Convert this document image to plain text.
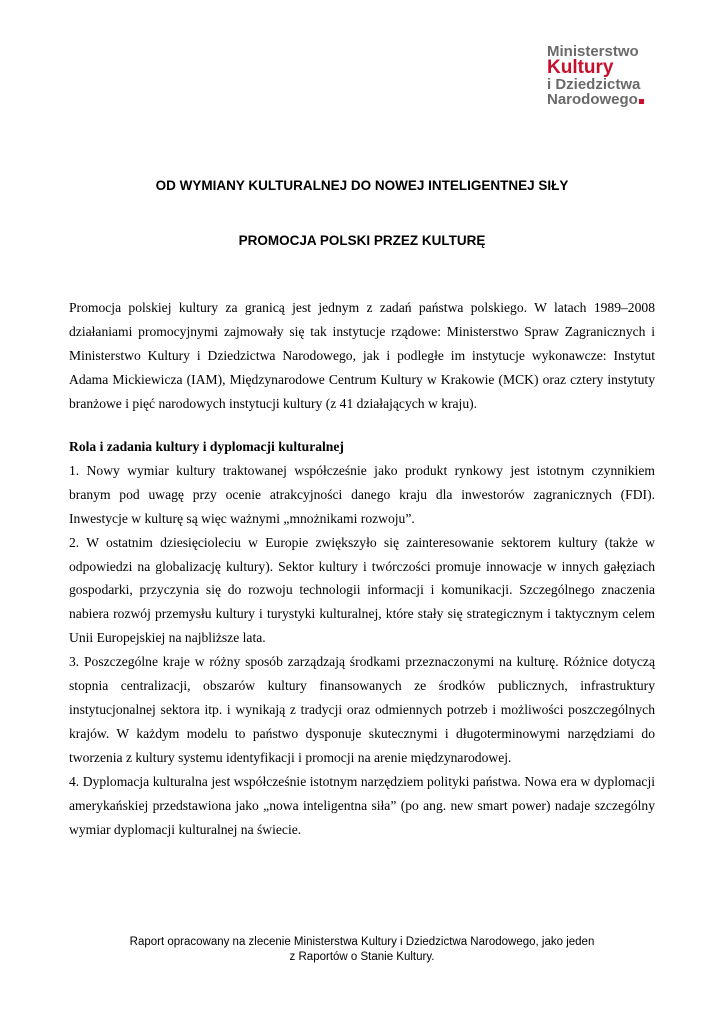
Ministerstwo
Kultury
i Dziedzictwa
Narodowego
OD WYMIANY KULTURALNEJ DO NOWEJ INTELIGENTNEJ SIŁY
PROMOCJA POLSKI PRZEZ KULTURĘ

Promocja polskiej kultury za granicą jest jednym z zadań państwa polskiego. W latach 1989–2008 działaniami promocyjnymi zajmowały się tak instytucje rządowe: Ministerstwo Spraw Zagranicznych i Ministerstwo Kultury i Dziedzictwa Narodowego, jak i podległe im instytucje wykonawcze: Instytut Adama Mickiewicza (IAM), Międzynarodowe Centrum Kultury w Krakowie (MCK) oraz cztery instytuty branżowe i pięć narodowych instytucji kultury (z 41 działających w kraju).

Rola i zadania kultury i dyplomacji kulturalnej

1. Nowy wymiar kultury traktowanej współcześnie jako produkt rynkowy jest istotnym czynnikiem branym pod uwagę przy ocenie atrakcyjności danego kraju dla inwestorów zagranicznych (FDI). Inwestycje w kulturę są więc ważnymi „mnożnikami rozwoju”.

2. W ostatnim dziesięcioleciu w Europie zwiększyło się zainteresowanie sektorem kultury (także w odpowiedzi na globalizację kultury). Sektor kultury i twórczości promuje innowacje w innych gałęziach gospodarki, przyczynia się do rozwoju technologii informacji i komunikacji. Szczególnego znaczenia nabiera rozwój przemysłu kultury i turystyki kulturalnej, które stały się strategicznym i taktycznym celem Unii Europejskiej na najbliższe lata.

3. Poszczególne kraje w różny sposób zarządzają środkami przeznaczonymi na kulturę. Różnice dotyczą stopnia centralizacji, obszarów kultury finansowanych ze środków publicznych, infrastruktury instytucjonalnej sektora itp. i wynikają z tradycji oraz odmiennych potrzeb i możliwości poszczególnych krajów. W każdym modelu to państwo dysponuje skutecznymi i długoterminowymi narzędziami do tworzenia z kultury systemu identyfikacji i promocji na arenie międzynarodowej.

4. Dyplomacja kulturalna jest współcześnie istotnym narzędziem polityki państwa. Nowa era w dyplomacji amerykańskiej przedstawiona jako „nowa inteligentna siła” (po ang. new smart power) nadaje szczególny wymiar dyplomacji kulturalnej na świecie.

Raport opracowany na zlecenie Ministerstwa Kultury i Dziedzictwa Narodowego, jako jeden
z Raportów o Stanie Kultury.
